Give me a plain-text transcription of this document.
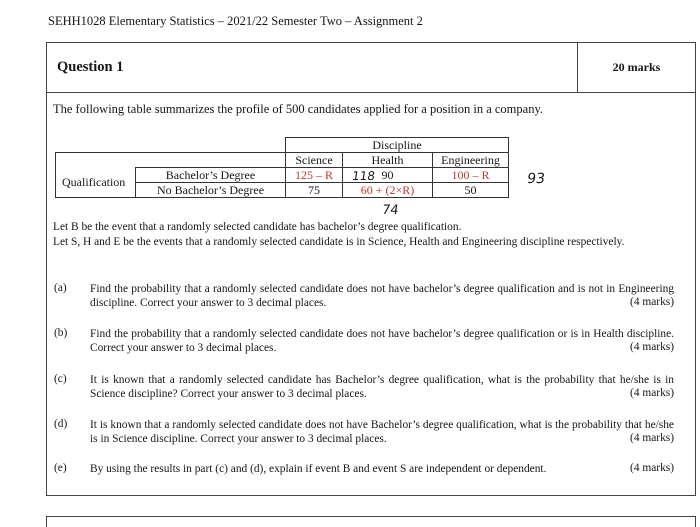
SEHH1028 Elementary Statistics – 2021/22 Semester Two – Assignment 2
Question 1	20 marks
The following table summarizes the profile of 500 candidates applied for a position in a company.
		Discipline		
		Science	Health	Engineering
Qualification	Bachelor’s Degree	125 – R	90	100 – R
	No Bachelor’s Degree	75	60 + (2×R)	50
118	93
74
Let B be the event that a randomly selected candidate has bachelor’s degree qualification.
Let S, H and E be the events that a randomly selected candidate is in Science, Health and Engineering discipline respectively.
(a) Find the probability that a randomly selected candidate does not have bachelor’s degree qualification and is not in Engineering discipline. Correct your answer to 3 decimal places.	(4 marks)
(b) Find the probability that a randomly selected candidate does not have bachelor’s degree qualification or is in Health discipline. Correct your answer to 3 decimal places.	(4 marks)
(c) It is known that a randomly selected candidate has Bachelor’s degree qualification, what is the probability that he/she is in Science discipline? Correct your answer to 3 decimal places.	(4 marks)
(d) It is known that a randomly selected candidate does not have Bachelor’s degree qualification, what is the probability that he/she is in Science discipline. Correct your answer to 3 decimal places.	(4 marks)
(e) By using the results in part (c) and (d), explain if event B and event S are independent or dependent.	(4 marks)
